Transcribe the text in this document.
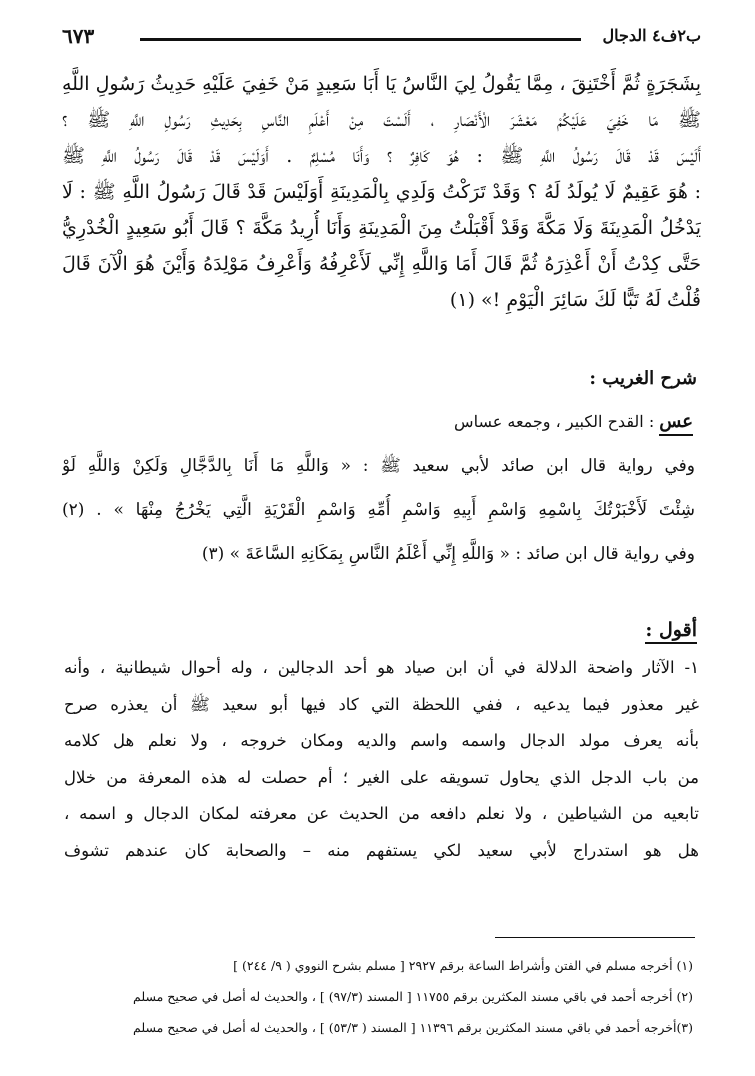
ب٢ف٤ الدجال
٦٧٣
بِشَجَرَةٍ ثُمَّ أَخْتَنِقَ ، مِمَّا يَقُولُ لِيَ النَّاسُ يَا أَبَا سَعِيدٍ مَنْ خَفِيَ عَلَيْهِ حَدِيثُ رَسُولِ اللَّهِ
ﷺ مَا خَفِيَ عَلَيْكُمْ مَعْشَرَ الْأَنْصَارِ ، أَلَسْتَ مِنْ أَعْلَمِ النَّاسِ بِحَدِيثِ رَسُولِ اللَّهِ ﷺ ؟
أَلَيْسَ قَدْ قَالَ رَسُولُ اللَّهِ ﷺ : هُوَ كَافِرٌ ؟ وَأَنَا مُسْلِمٌ . أَوَلَيْسَ قَدْ قَالَ رَسُولُ اللَّهِ ﷺ
: هُوَ عَقِيمٌ لَا يُولَدُ لَهُ ؟ وَقَدْ تَرَكْتُ وَلَدِي بِالْمَدِينَةِ أَوَلَيْسَ قَدْ قَالَ رَسُولُ اللَّهِ ﷺ : لَا
يَدْخُلُ الْمَدِينَةَ وَلَا مَكَّةَ وَقَدْ أَقْبَلْتُ مِنَ الْمَدِينَةِ وَأَنَا أُرِيدُ مَكَّةَ ؟ قَالَ أَبُو سَعِيدٍ الْخُدْرِيُّ
حَتَّى كِدْتُ أَنْ أَعْذِرَهُ ثُمَّ قَالَ أَمَا وَاللَّهِ إِنِّي لَأَعْرِفُهُ وَأَعْرِفُ مَوْلِدَهُ وَأَيْنَ هُوَ الْآنَ قَالَ
قُلْتُ لَهُ تَبًّا لَكَ سَائِرَ الْيَوْمِ !» (١)
شرح الغريب :
عس : القدح الكبير ، وجمعه عساس
وفي رواية قال ابن صائد لأبي سعيد ﷺ : « وَاللَّهِ مَا أَنَا بِالدَّجَّالِ وَلَكِنْ وَاللَّهِ لَوْ
شِئْتَ لَأَخْبَرْتُكَ بِاسْمِهِ وَاسْمِ أَبِيهِ وَاسْمِ أُمِّهِ وَاسْمِ الْقَرْيَةِ الَّتِي يَخْرُجُ مِنْهَا » . (٢)
وفي رواية قال ابن صائد : « وَاللَّهِ إِنِّي أَعْلَمُ النَّاسِ بِمَكَانِهِ السَّاعَةَ » (٣)
أقول :
١- الآثار واضحة الدلالة في أن ابن صياد هو أحد الدجالين ، وله أحوال شيطانية ، وأنه
غير معذور فيما يدعيه ، ففي اللحظة التي كاد فيها أبو سعيد ﷺ أن يعذره صرح
بأنه يعرف مولد الدجال واسمه واسم والديه ومكان خروجه ، ولا نعلم هل كلامه
من باب الدجل الذي يحاول تسويقه على الغير ؛ أم حصلت له هذه المعرفة من خلال
تابعيه من الشياطين ، ولا نعلم دافعه من الحديث عن معرفته لمكان الدجال و اسمه ،
هل هو استدراج لأبي سعيد لكي يستفهم منه – والصحابة كان عندهم تشوف
(١) أخرجه مسلم في الفتن وأشراط الساعة برقم ٢٩٢٧ [ مسلم بشرح النووي ( ٩/ ٢٤٤) ]
(٢) أخرجه أحمد في باقي مسند المكثرين برقم ١١٧٥٥ [ المسند (٩٧/٣) ] ، والحديث له أصل في صحيح مسلم
(٣)أخرجه أحمد في باقي مسند المكثرين برقم ١١٣٩٦ [ المسند ( ٥٣/٣) ] ، والحديث له أصل في صحيح مسلم
